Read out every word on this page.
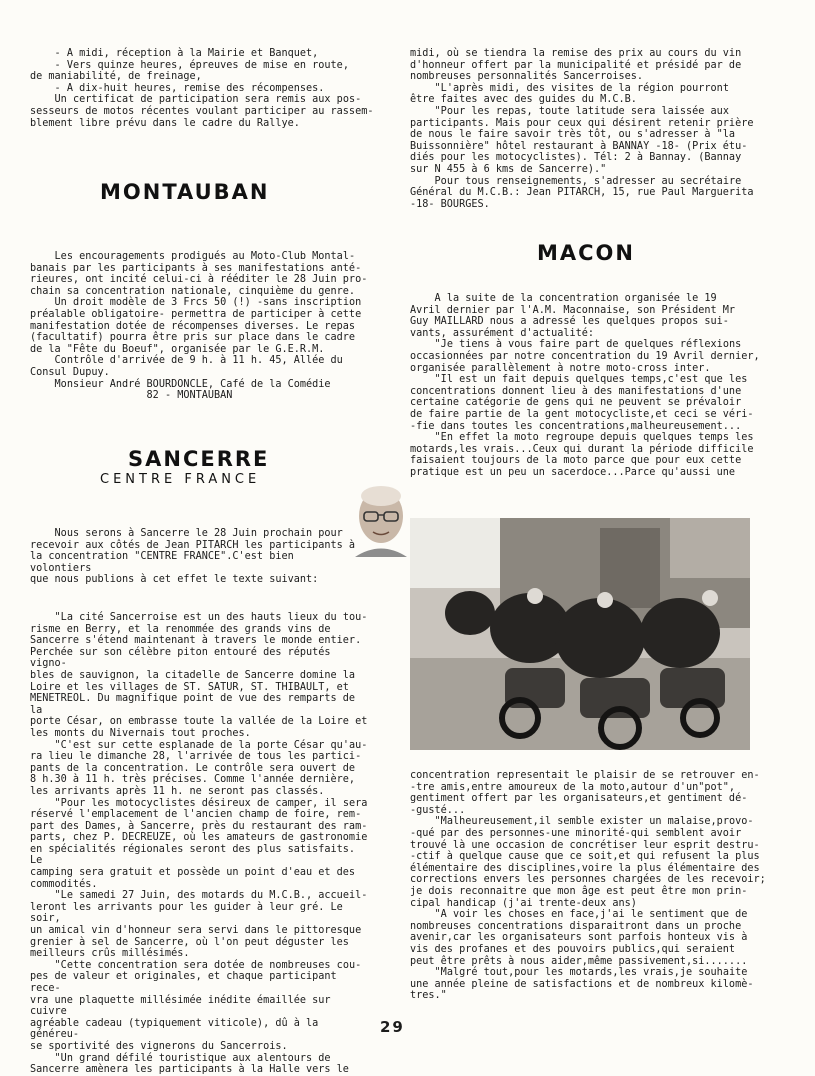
- A midi, réception à la Mairie et Banquet,

- Vers quinze heures, épreuves de mise en route,

de maniabilité, de freinage,

- A dix-huit heures, remise des récompenses.

Un certificat de participation sera remis aux pos-

sesseurs de motos récentes voulant participer au rassem-

blement libre prévu dans le cadre du Rallye.

MONTAUBAN

Les encouragements prodigués au Moto-Club Montal-

banais par les participants à ses manifestations anté-

rieures, ont incité celui-ci à rééditer le 28 Juin pro-

chain sa concentration nationale, cinquième du genre.

Un droit modèle de 3 Frcs 50 (!) -sans inscription

préalable obligatoire- permettra de participer à cette

manifestation dotée de récompenses diverses. Le repas

(facultatif) pourra être pris sur place dans le cadre

de la "Fête du Boeuf", organisée par le G.E.R.M.

Contrôle d'arrivée de 9 h. à 11 h. 45, Allée du

Consul Dupuy.

Monsieur André BOURDONCLE, Café de la Comédie

82 - MONTAUBAN

SANCERRE
CENTRE FRANCE

Nous serons à Sancerre le 28 Juin prochain pour

recevoir aux côtés de Jean PITARCH les participants à

la concentration "CENTRE FRANCE".C'est bien volontiers

que nous publions à cet effet le texte suivant:

"La cité Sancerroise est un des hauts lieux du tou-

risme en Berry, et la renommée des grands vins de

Sancerre s'étend maintenant à travers le monde entier.

Perchée sur son célèbre piton entouré des réputés vigno-

bles de sauvignon, la citadelle de Sancerre domine la

Loire et les villages de ST. SATUR, ST. THIBAULT, et

MENETREOL. Du magnifique point de vue des remparts de la

porte César, on embrasse toute la vallée de la Loire et

les monts du Nivernais tout proches.

"C'est sur cette esplanade de la porte César qu'au-

ra lieu le dimanche 28, l'arrivée de tous les partici-

pants de la concentration. Le contrôle sera ouvert de

8 h.30 à 11 h. très précises. Comme l'année dernière,

les arrivants après 11 h. ne seront pas classés.

"Pour les motocyclistes désireux de camper, il sera

réservé l'emplacement de l'ancien champ de foire, rem-

part des Dames, à Sancerre, près du restaurant des ram-

parts, chez P. DECREUZE, où les amateurs de gastronomie

en spécialités régionales seront des plus satisfaits. Le

camping sera gratuit et possède un point d'eau et des

commodités.

"Le samedi 27 Juin, des motards du M.C.B., accueil-

leront les arrivants pour les guider à leur gré. Le soir,

un amical vin d'honneur sera servi dans le pittoresque

grenier à sel de Sancerre, où l'on peut déguster les

meilleurs crûs millésimés.

"Cette concentration sera dotée de nombreuses cou-

pes de valeur et originales, et chaque participant rece-

vra une plaquette millésimée inédite émaillée sur cuivre

agréable cadeau (typiquement viticole), dû à la généreu-

se sportivité des vignerons du Sancerrois.

"Un grand défilé touristique aux alentours de

Sancerre amènera les participants à la Halle vers le

midi, où se tiendra la remise des prix au cours du vin

d'honneur offert par la municipalité et présidé par de

nombreuses personnalités Sancerroises.

"L'après midi, des visites de la région pourront

être faites avec des guides du M.C.B.

"Pour les repas, toute latitude sera laissée aux

participants. Mais pour ceux qui désirent retenir prière

de nous le faire savoir très tôt, ou s'adresser à "la

Buissonnière" hôtel restaurant à BANNAY -18- (Prix étu-

diés pour les motocyclistes). Tél: 2 à Bannay. (Bannay

sur N 455 à 6 kms de Sancerre)."

Pour tous renseignements, s'adresser au secrétaire

Général du M.C.B.: Jean PITARCH, 15, rue Paul Marguerita

-18- BOURGES.

MACON

A la suite de la concentration organisée le 19

Avril dernier par l'A.M. Maconnaise, son Président Mr

Guy MAILLARD nous a adressé les quelques propos sui-

vants, assurément d'actualité:

"Je tiens à vous faire part de quelques réflexions

occasionnées par notre concentration du 19 Avril dernier,

organisée parallèlement à notre moto-cross inter.

"Il est un fait depuis quelques temps,c'est que les

concentrations donnent lieu à des manifestations d'une

certaine catégorie de gens qui ne peuvent se prévaloir

de faire partie de la gent motocycliste,et ceci se véri-

-fie dans toutes les concentrations,malheureusement...

"En effet la moto regroupe depuis quelques temps les

motards,les vrais...Ceux qui durant la période difficile

faisaient toujours de la moto parce que pour eux cette

pratique est un peu un sacerdoce...Parce qu'aussi une

concentration representait le plaisir de se retrouver en-

-tre amis,entre amoureux de la moto,autour d'un"pot",

gentiment offert par les organisateurs,et gentiment dé-

-gusté...

"Malheureusement,il semble exister un malaise,provo-

-qué par des personnes-une minorité-qui semblent avoir

trouvé là une occasion de concrétiser leur esprit destru-

-ctif à quelque cause que ce soit,et qui refusent la plus

élémentaire des disciplines,voire la plus élémentaire des

corrections envers les personnes chargées de les recevoir;

je dois reconnaitre que mon âge est peut être mon prin-

cipal handicap (j'ai trente-deux ans)

"A voir les choses en face,j'ai le sentiment que de

nombreuses concentrations disparaitront dans un proche

avenir,car les organisateurs sont parfois honteux vis à

vis des profanes et des pouvoirs publics,qui seraient

peut être prêts à nous aider,même passivement,si.......

"Malgré tout,pour les motards,les vrais,je souhaite

une année pleine de satisfactions et de nombreux kilomè-

tres."

29
